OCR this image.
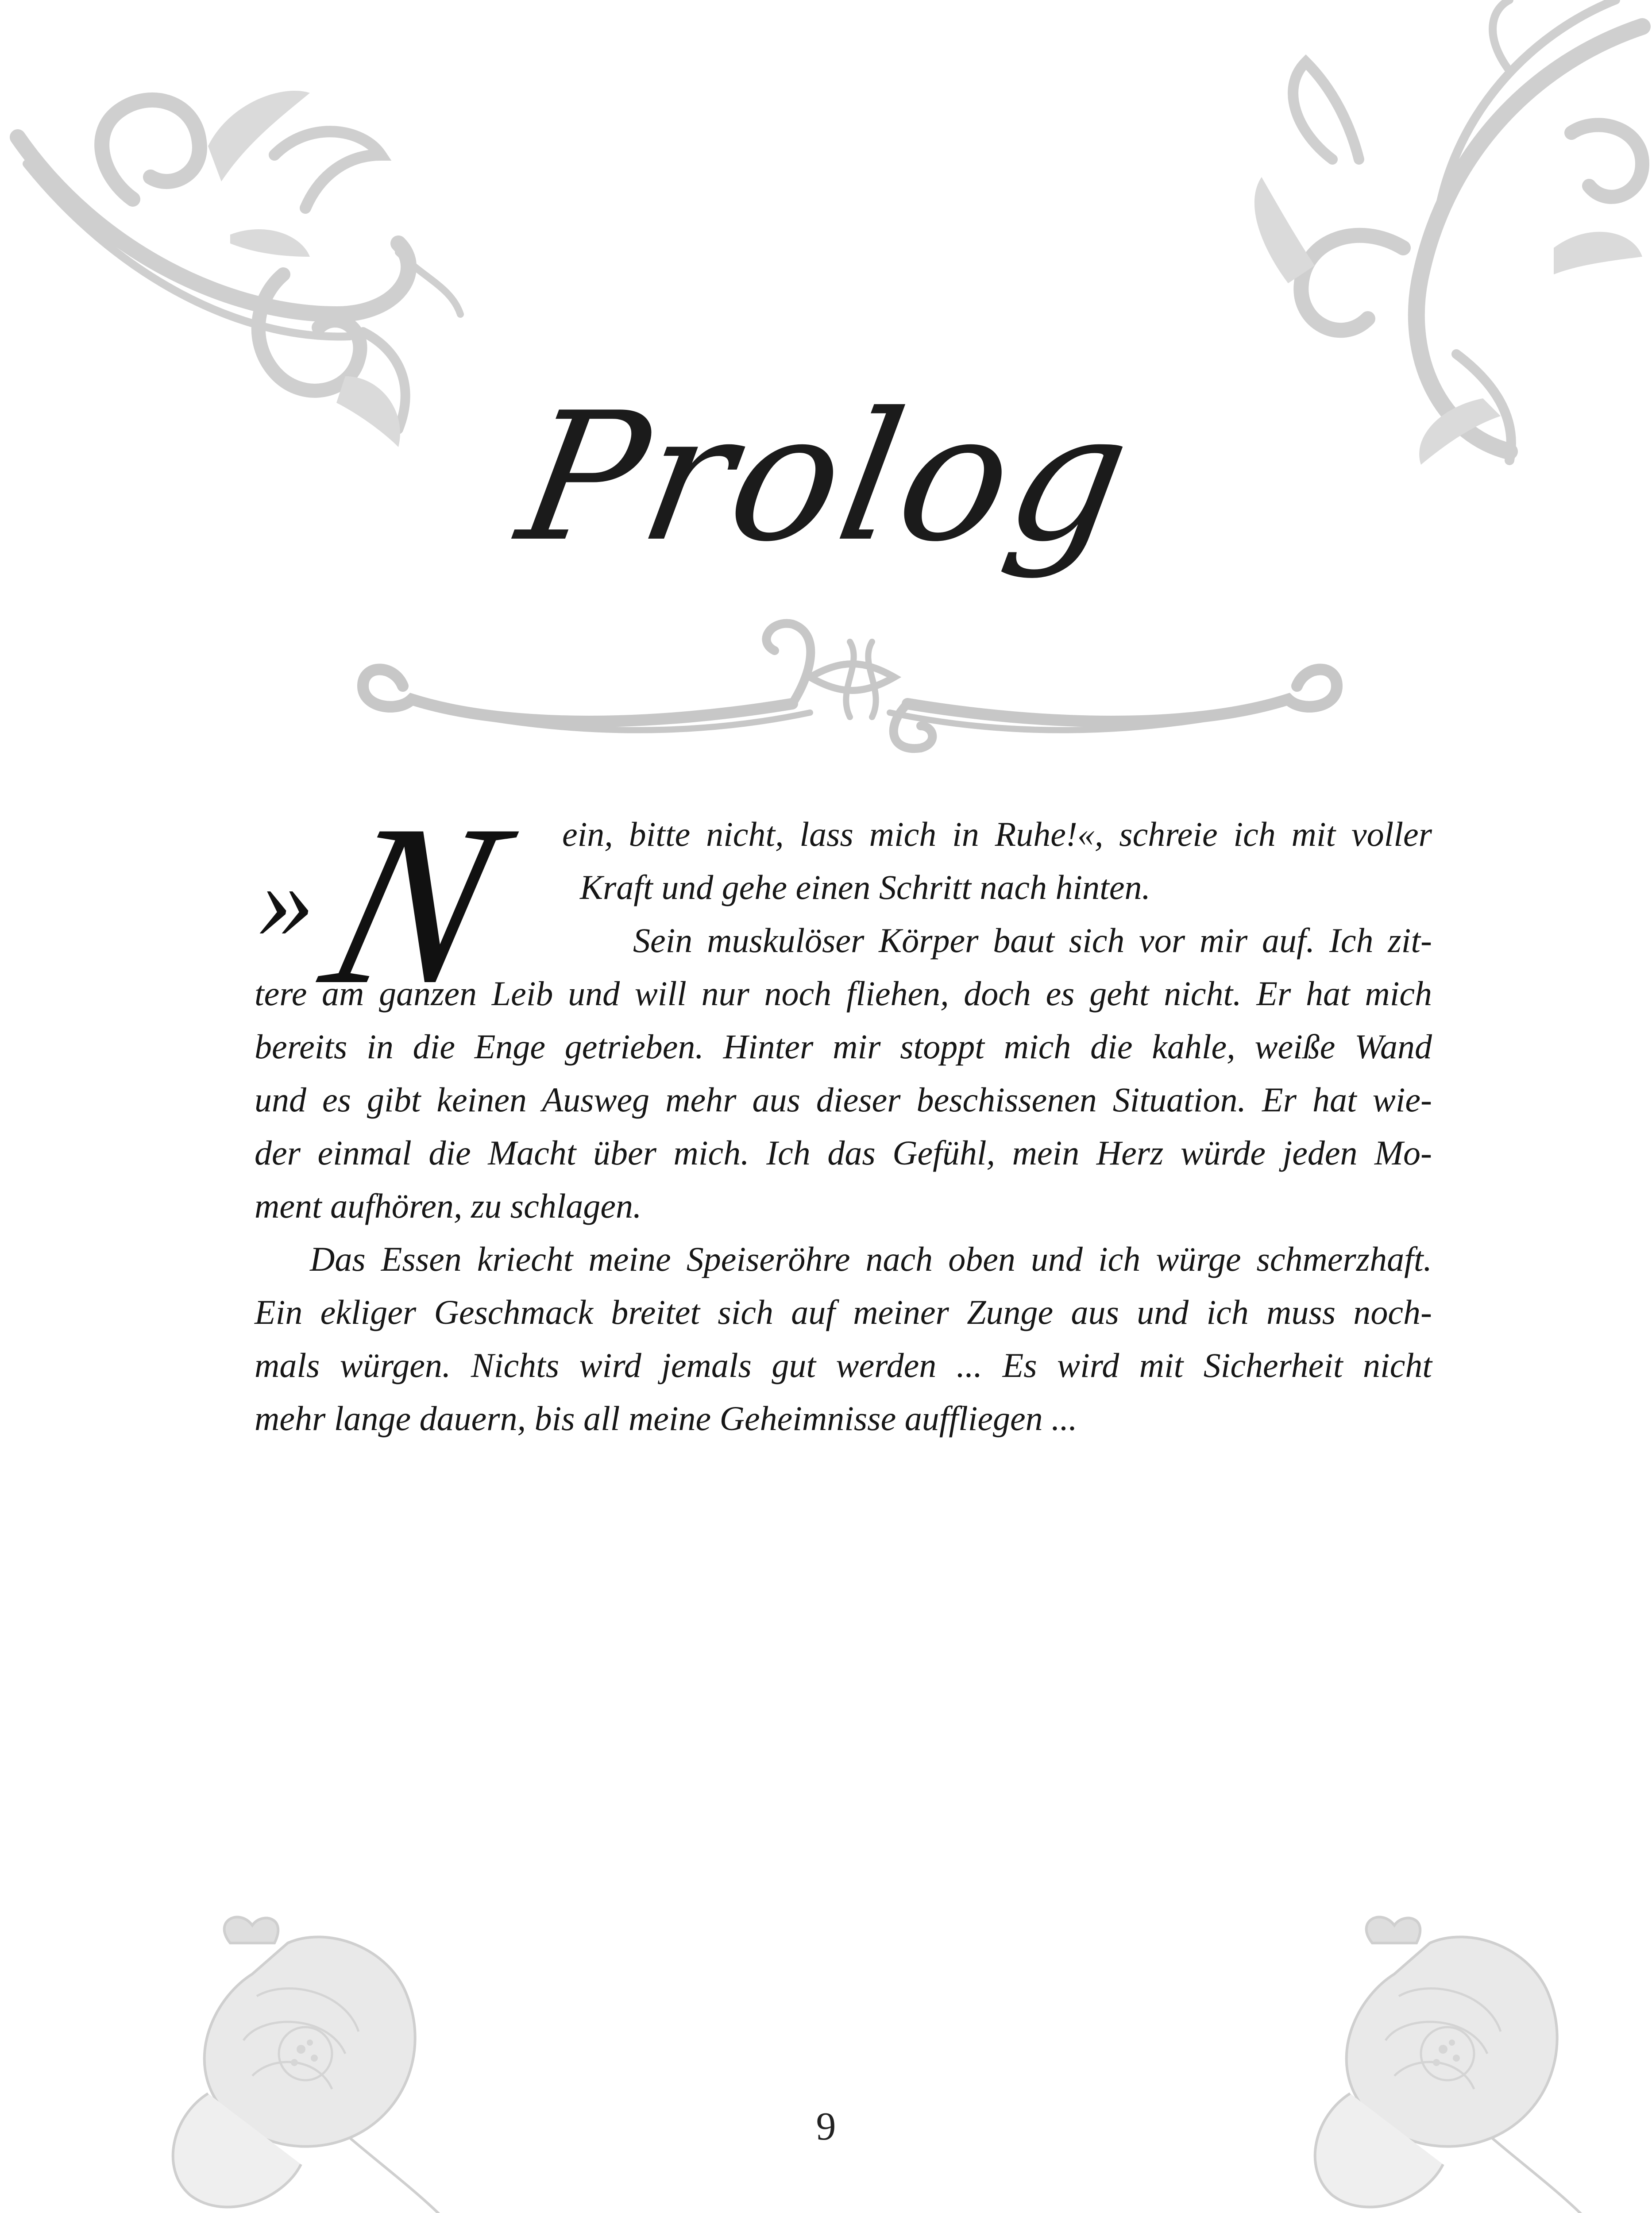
Prolog
»
N ein, bitte nicht, lass mich in Ruhe!«, schreie ich mit voller
Kraft und gehe einen Schritt nach hinten.
Sein muskulöser Körper baut sich vor mir auf. Ich zit-
tere am ganzen Leib und will nur noch fliehen, doch es geht nicht. Er hat mich
bereits in die Enge getrieben. Hinter mir stoppt mich die kahle, weiße Wand
und es gibt keinen Ausweg mehr aus dieser beschissenen Situation. Er hat wie-
der einmal die Macht über mich. Ich das Gefühl, mein Herz würde jeden Mo-
ment aufhören, zu schlagen.
Das Essen kriecht meine Speiseröhre nach oben und ich würge schmerzhaft.
Ein ekliger Geschmack breitet sich auf meiner Zunge aus und ich muss noch-
mals würgen. Nichts wird jemals gut werden ... Es wird mit Sicherheit nicht
mehr lange dauern, bis all meine Geheimnisse auffliegen ...
9
